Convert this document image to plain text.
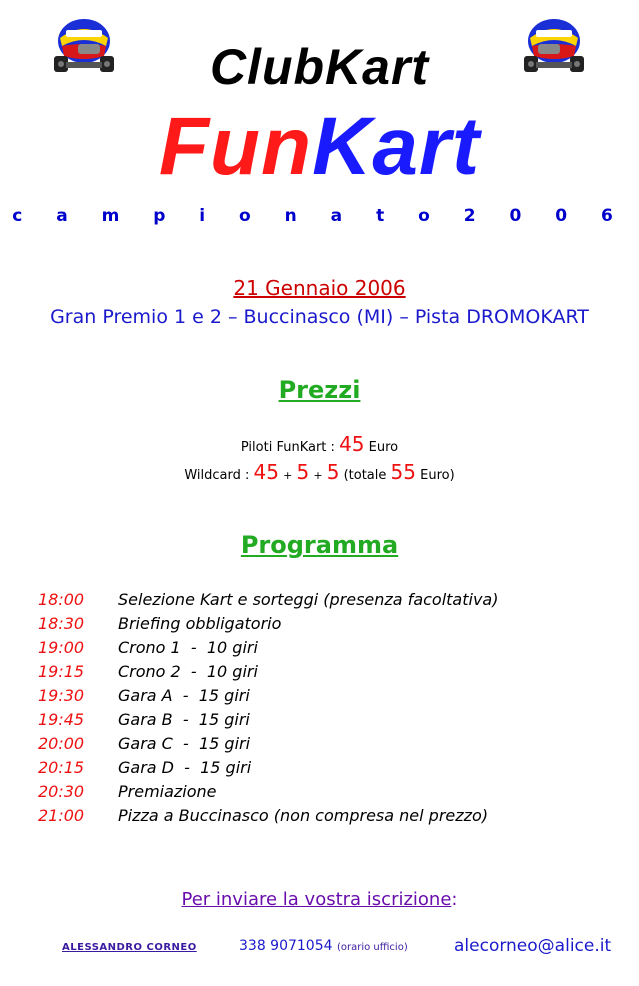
ClubKart
FunKart
c a m p i o n a t o 2 0 0 6
21 Gennaio 2006
Gran Premio 1 e 2 – Buccinasco (MI) – Pista DROMOKART
Prezzi
Piloti FunKart : 45 Euro
Wildcard : 45 + 5 + 5 (totale 55 Euro)
Programma
18:00 Selezione Kart e sorteggi (presenza facoltativa)
18:30 Briefing obbligatorio
19:00 Crono 1  -  10 giri
19:15 Crono 2  -  10 giri
19:30 Gara A  -  15 giri
19:45 Gara B  -  15 giri
20:00 Gara C  -  15 giri
20:15 Gara D  -  15 giri
20:30 Premiazione
21:00 Pizza a Buccinasco (non compresa nel prezzo)
Per inviare la vostra iscrizione:
ALESSANDRO CORNEO	338 9071054 (orario ufficio)	alecorneo@alice.it
